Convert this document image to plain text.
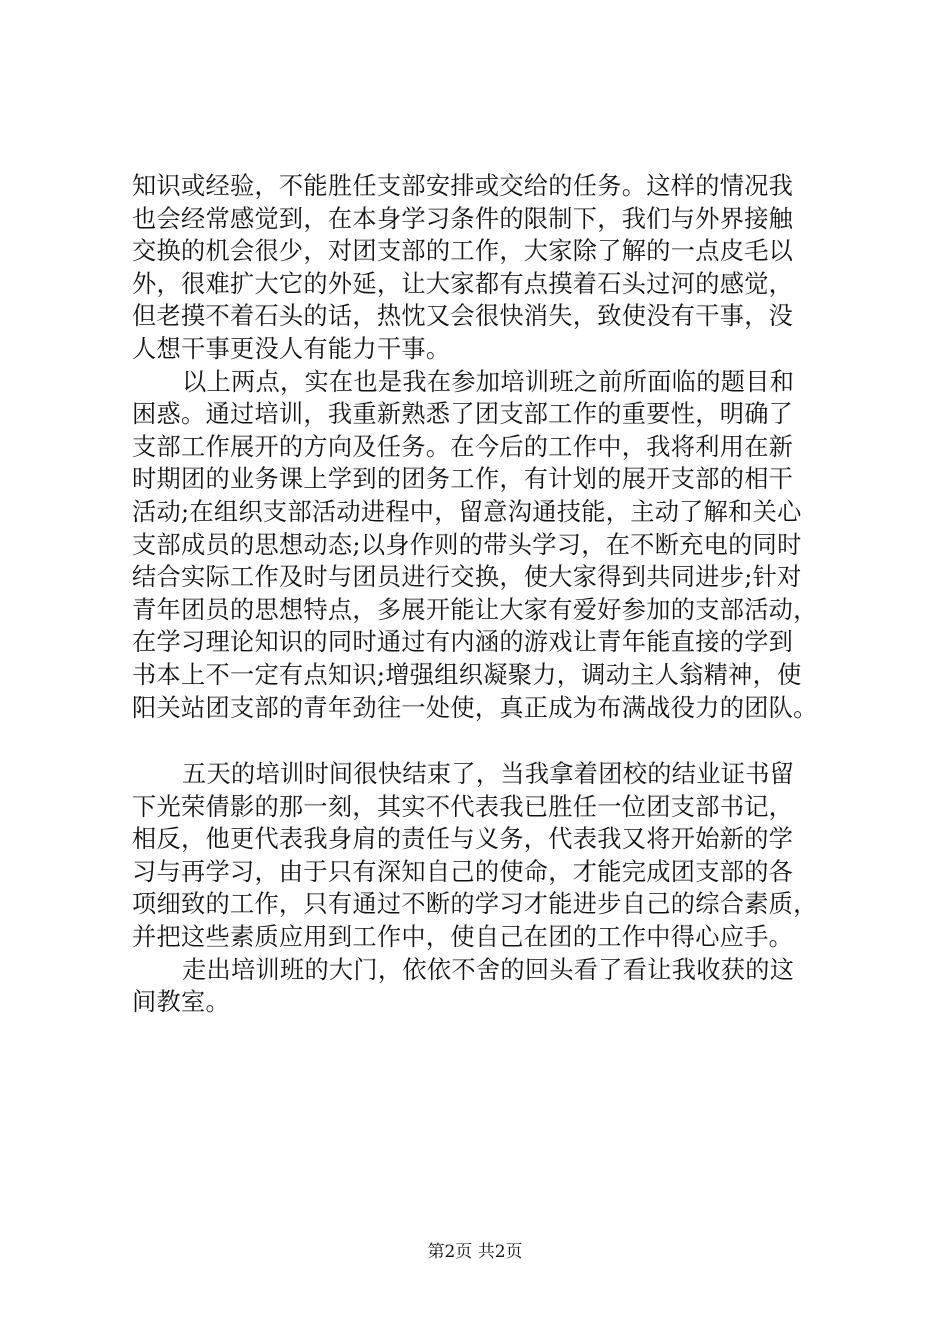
知识或经验，不能胜任支部安排或交给的任务。这样的情况我
也会经常感觉到，在本身学习条件的限制下，我们与外界接触
交换的机会很少，对团支部的工作，大家除了解的一点皮毛以
外，很难扩大它的外延，让大家都有点摸着石头过河的感觉，
但老摸不着石头的话，热忱又会很快消失，致使没有干事，没
人想干事更没人有能力干事。
以上两点，实在也是我在参加培训班之前所面临的题目和
困惑。通过培训，我重新熟悉了团支部工作的重要性，明确了
支部工作展开的方向及任务。在今后的工作中，我将利用在新
时期团的业务课上学到的团务工作，有计划的展开支部的相干
活动;在组织支部活动进程中，留意沟通技能，主动了解和关心
支部成员的思想动态;以身作则的带头学习，在不断充电的同时
结合实际工作及时与团员进行交换，使大家得到共同进步;针对
青年团员的思想特点，多展开能让大家有爱好参加的支部活动，
在学习理论知识的同时通过有内涵的游戏让青年能直接的学到
书本上不一定有点知识;增强组织凝聚力，调动主人翁精神，使
阳关站团支部的青年劲往一处使，真正成为布满战役力的团队。
五天的培训时间很快结束了，当我拿着团校的结业证书留
下光荣倩影的那一刻，其实不代表我已胜任一位团支部书记，
相反，他更代表我身肩的责任与义务，代表我又将开始新的学
习与再学习，由于只有深知自己的使命，才能完成团支部的各
项细致的工作，只有通过不断的学习才能进步自己的综合素质，
并把这些素质应用到工作中，使自己在团的工作中得心应手。
走出培训班的大门，依依不舍的回头看了看让我收获的这
间教室。
第2页 共2页
